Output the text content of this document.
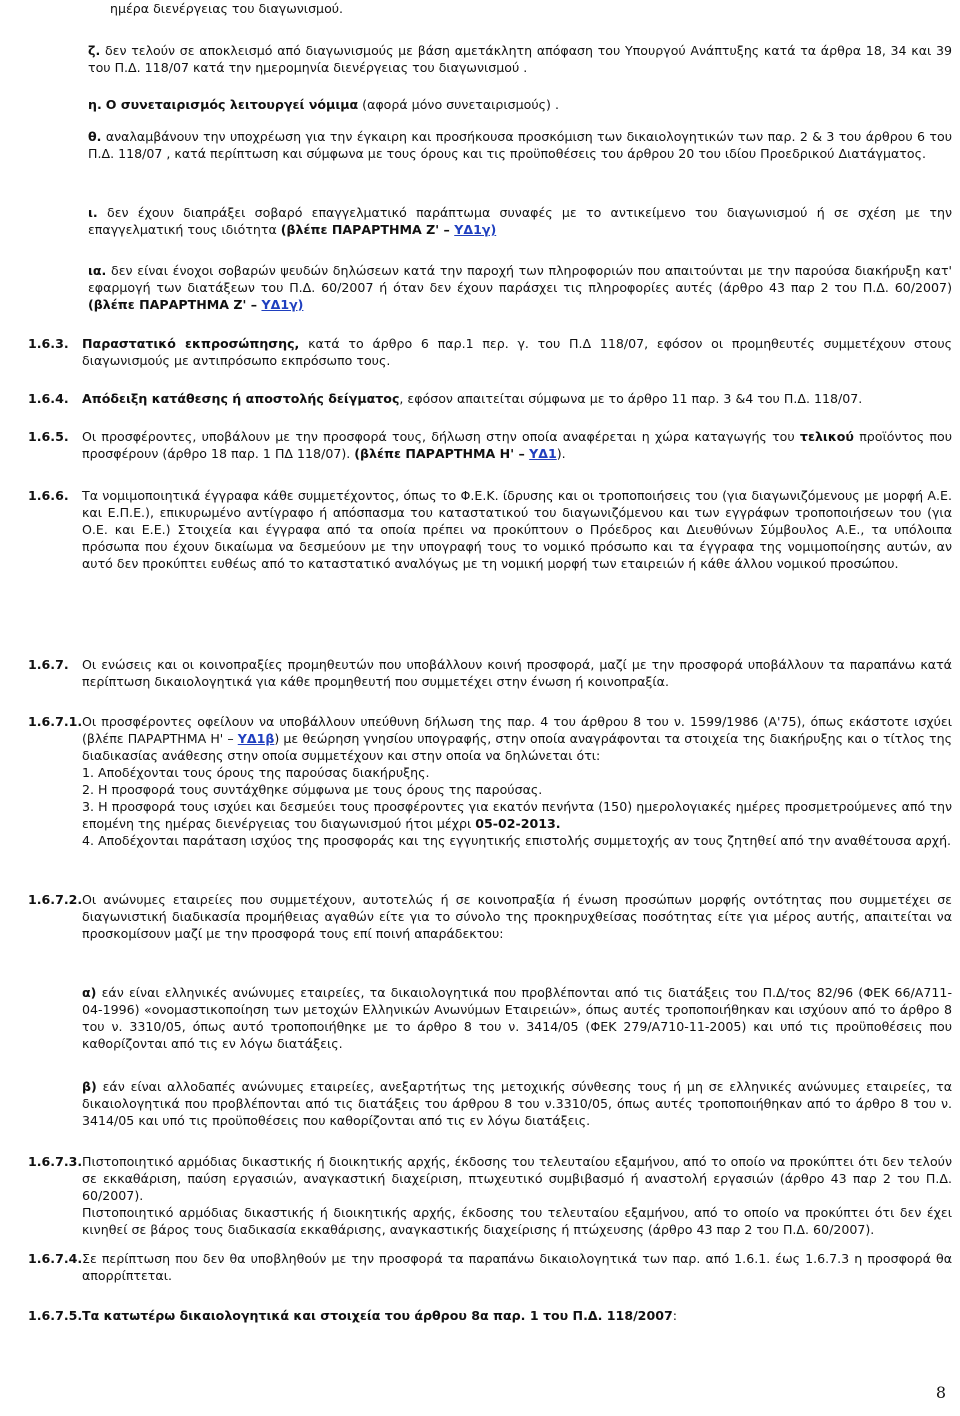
ημέρα διενέργειας του διαγωνισμού.
ζ. δεν τελούν σε αποκλεισμό από διαγωνισμούς με βάση αμετάκλητη απόφαση του Υπουργού Ανάπτυξης κατά τα άρθρα 18, 34 και 39 του Π.Δ. 118/07 κατά την ημερομηνία διενέργειας του διαγωνισμού .
η. Ο συνεταιρισμός λειτουργεί νόμιμα (αφορά μόνο συνεταιρισμούς) .
θ. αναλαμβάνουν την υποχρέωση για την έγκαιρη και προσήκουσα προσκόμιση των δικαιολογητικών των παρ. 2 & 3 του άρθρου 6 του Π.Δ. 118/07 , κατά περίπτωση και σύμφωνα με τους όρους και τις προϋποθέσεις του άρθρου 20 του ιδίου Προεδρικού Διατάγματος.
ι. δεν έχουν διαπράξει σοβαρό επαγγελματικό παράπτωμα συναφές με το αντικείμενο του διαγωνισμού ή σε σχέση με την επαγγελματική τους ιδιότητα (βλέπε ΠΑΡΑΡΤΗΜΑ Ζ' – ΥΔ1γ)
ια. δεν είναι ένοχοι σοβαρών ψευδών δηλώσεων κατά την παροχή των πληροφοριών που απαιτούνται με την παρούσα διακήρυξη κατ' εφαρμογή των διατάξεων του Π.Δ. 60/2007 ή όταν δεν έχουν παράσχει τις πληροφορίες αυτές (άρθρο 43 παρ 2 του Π.Δ. 60/2007) (βλέπε ΠΑΡΑΡΤΗΜΑ Ζ' – ΥΔ1γ)
1.6.3. Παραστατικό εκπροσώπησης, κατά το άρθρο 6 παρ.1 περ. γ. του Π.Δ 118/07, εφόσον οι προμηθευτές συμμετέχουν στους διαγωνισμούς με αντιπρόσωπο εκπρόσωπο τους.
1.6.4. Απόδειξη κατάθεσης ή αποστολής δείγματος, εφόσον απαιτείται σύμφωνα με το άρθρο 11 παρ. 3 &4 του Π.Δ. 118/07.
1.6.5. Οι προσφέροντες, υποβάλουν με την προσφορά τους, δήλωση στην οποία αναφέρεται η χώρα καταγωγής του τελικού προϊόντος που προσφέρουν (άρθρο 18 παρ. 1 ΠΔ 118/07). (βλέπε ΠΑΡΑΡΤΗΜΑ Η' – ΥΔ1).
1.6.6. Τα νομιμοποιητικά έγγραφα κάθε συμμετέχοντος, όπως το Φ.Ε.Κ. ίδρυσης και οι τροποποιήσεις του (για διαγωνιζόμενους με μορφή Α.Ε. και Ε.Π.Ε.), επικυρωμένο αντίγραφο ή απόσπασμα του καταστατικού του διαγωνιζόμενου και των εγγράφων τροποποιήσεων του (για Ο.Ε. και Ε.Ε.) Στοιχεία και έγγραφα από τα οποία πρέπει να προκύπτουν ο Πρόεδρος και Διευθύνων Σύμβουλος Α.Ε., τα υπόλοιπα πρόσωπα που έχουν δικαίωμα να δεσμεύουν με την υπογραφή τους το νομικό πρόσωπο και τα έγγραφα της νομιμοποίησης αυτών, αν αυτό δεν προκύπτει ευθέως από το καταστατικό αναλόγως με τη νομική μορφή των εταιρειών ή κάθε άλλου νομικού προσώπου.
1.6.7. Οι ενώσεις και οι κοινοπραξίες προμηθευτών που υποβάλλουν κοινή προσφορά, μαζί με την προσφορά υποβάλλουν τα παραπάνω κατά περίπτωση δικαιολογητικά για κάθε προμηθευτή που συμμετέχει στην ένωση ή κοινοπραξία.
1.6.7.1. Οι προσφέροντες οφείλουν να υποβάλλουν υπεύθυνη δήλωση της παρ. 4 του άρθρου 8 του ν. 1599/1986 (Α'75), όπως εκάστοτε ισχύει (βλέπε ΠΑΡΑΡΤΗΜΑ Η' – ΥΔ1β) με θεώρηση γνησίου υπογραφής, στην οποία αναγράφονται τα στοιχεία της διακήρυξης και ο τίτλος της διαδικασίας ανάθεσης στην οποία συμμετέχουν και στην οποία να δηλώνεται ότι:

1. Αποδέχονται τους όρους της παρούσας διακήρυξης.

2. Η προσφορά τους συντάχθηκε σύμφωνα με τους όρους της παρούσας.

3. Η προσφορά τους ισχύει και δεσμεύει τους προσφέροντες για εκατόν πενήντα (150) ημερολογιακές ημέρες προσμετρούμενες από την επομένη της ημέρας διενέργειας του διαγωνισμού ήτοι μέχρι 05-02-2013.

4. Αποδέχονται παράταση ισχύος της προσφοράς και της εγγυητικής επιστολής συμμετοχής αν τους ζητηθεί από την αναθέτουσα αρχή.

1.6.7.2. Οι ανώνυμες εταιρείες που συμμετέχουν, αυτοτελώς ή σε κοινοπραξία ή ένωση προσώπων μορφής οντότητας που συμμετέχει σε διαγωνιστική διαδικασία προμήθειας αγαθών είτε για το σύνολο της προκηρυχθείσας ποσότητας είτε για μέρος αυτής, απαιτείται να προσκομίσουν μαζί με την προσφορά τους επί ποινή απαράδεκτου:

α) εάν είναι ελληνικές ανώνυμες εταιρείες, τα δικαιολογητικά που προβλέπονται από τις διατάξεις του Π.Δ/τος 82/96 (ΦΕΚ 66/Α711-04-1996) «ονομαστικοποίηση των μετοχών Ελληνικών Ανωνύμων Εταιρειών», όπως αυτές τροποποιήθηκαν και ισχύουν από το άρθρο 8 του ν. 3310/05, όπως αυτό τροποποιήθηκε με το άρθρο 8 του ν. 3414/05 (ΦΕΚ 279/Α710-11-2005) και υπό τις προϋποθέσεις που καθορίζονται από τις εν λόγω διατάξεις.
β) εάν είναι αλλοδαπές ανώνυμες εταιρείες, ανεξαρτήτως της μετοχικής σύνθεσης τους ή μη σε ελληνικές ανώνυμες εταιρείες, τα δικαιολογητικά που προβλέπονται από τις διατάξεις του άρθρου 8 του ν.3310/05, όπως αυτές τροποποιήθηκαν από το άρθρο 8 του ν. 3414/05 και υπό τις προϋποθέσεις που καθορίζονται από τις εν λόγω διατάξεις.
1.6.7.3. Πιστοποιητικό αρμόδιας δικαστικής ή διοικητικής αρχής, έκδοσης του τελευταίου εξαμήνου, από το οποίο να προκύπτει ότι δεν τελούν σε εκκαθάριση, παύση εργασιών, αναγκαστική διαχείριση, πτωχευτικό συμβιβασμό ή αναστολή εργασιών (άρθρο 43 παρ 2 του Π.Δ. 60/2007).

Πιστοποιητικό αρμόδιας δικαστικής ή διοικητικής αρχής, έκδοσης του τελευταίου εξαμήνου, από το οποίο να προκύπτει ότι δεν έχει κινηθεί σε βάρος τους διαδικασία εκκαθάρισης, αναγκαστικής διαχείρισης ή πτώχευσης (άρθρο 43 παρ 2 του Π.Δ. 60/2007).

1.6.7.4. Σε περίπτωση που δεν θα υποβληθούν με την προσφορά τα παραπάνω δικαιολογητικά των παρ. από 1.6.1. έως 1.6.7.3 η προσφορά θα απορρίπτεται.
1.6.7.5. Τα κατωτέρω δικαιολογητικά και στοιχεία του άρθρου 8α παρ. 1 του Π.Δ. 118/2007:
8
